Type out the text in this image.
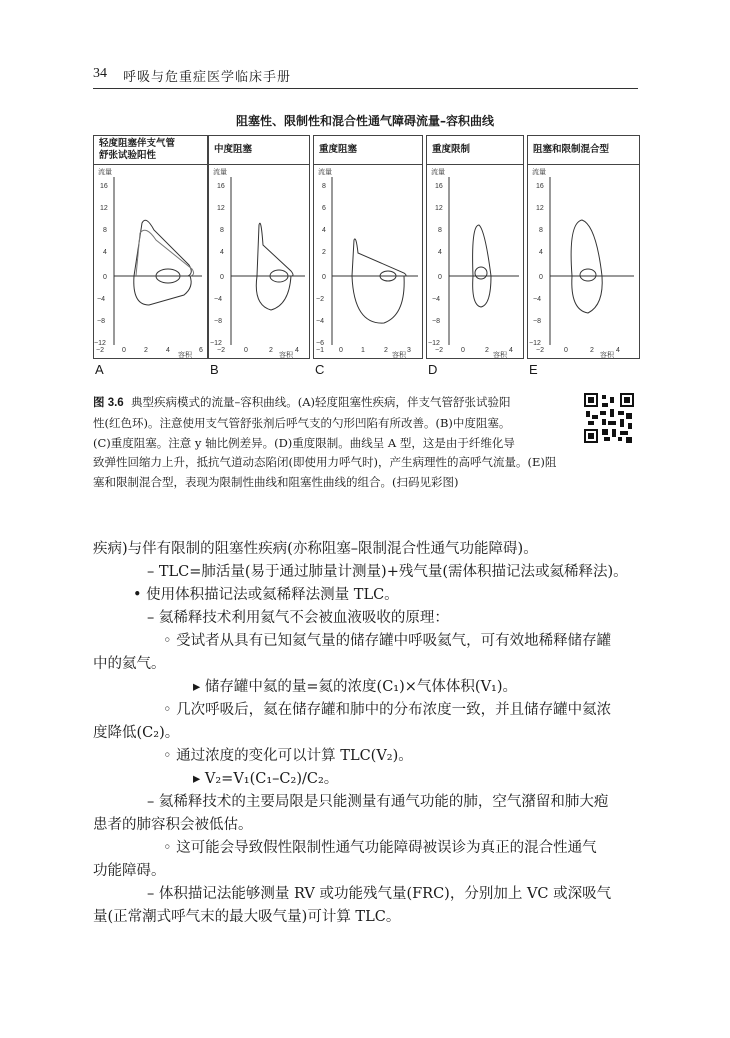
34 呼吸与危重症医学临床手册
阻塞性、限制性和混合性通气障碍流量–容积曲线
轻度阻塞伴支气管
舒张试验阳性
流量
16
12
8
4
0
−4
−8
−12
−2	0	2	4	6
容积
中度阻塞
流量
16
12
8
4
0
−4
−8
−12
−2	0	2	4
容积
重度阻塞
流量
8
6
4
2
0
−2
−4
−6
−1 0	1	2	3
容积
重度限制
流量
16
12
8
4
0
−4
−8
−12
−2	0	2	4
容积
阻塞和限制混合型
流量
16
12
8
4
0
−4
−8
−12
−2	0	2	4
容积
A	B	C	D	E
图 3.6 典型疾病模式的流量–容积曲线。(A)轻度阻塞性疾病，伴支气管舒张试验阳
性(红色环)。注意使用支气管舒张剂后呼气支的勺形凹陷有所改善。(B)中度阻塞。
(C)重度阻塞。注意 y 轴比例差异。(D)重度限制。曲线呈 A 型，这是由于纤维化导
致弹性回缩力上升，抵抗气道动态陷闭(即使用力呼气时)，产生病理性的高呼气流量。(E)阻
塞和限制混合型，表现为限制性曲线和阻塞性曲线的组合。(扫码见彩图)

疾病)与伴有限制的阻塞性疾病(亦称阻塞–限制混合性通气功能障碍)。

– TLC=肺活量(易于通过肺量计测量)+残气量(需体积描记法或氦稀释法)。

• 使用体积描记法或氦稀释法测量 TLC。

– 氦稀释技术利用氦气不会被血液吸收的原理：

◦ 受试者从具有已知氦气量的储存罐中呼吸氦气，可有效地稀释储存罐

中的氦气。

▸ 储存罐中氦的量=氦的浓度(C₁)×气体体积(V₁)。

◦ 几次呼吸后，氦在储存罐和肺中的分布浓度一致，并且储存罐中氦浓

度降低(C₂)。

◦ 通过浓度的变化可以计算 TLC(V₂)。

▸ V₂=V₁(C₁–C₂)/C₂。

– 氦稀释技术的主要局限是只能测量有通气功能的肺，空气潴留和肺大疱

患者的肺容积会被低估。

◦ 这可能会导致假性限制性通气功能障碍被误诊为真正的混合性通气

功能障碍。

– 体积描记法能够测量 RV 或功能残气量(FRC)，分别加上 VC 或深吸气

量(正常潮式呼气末的最大吸气量)可计算 TLC。
